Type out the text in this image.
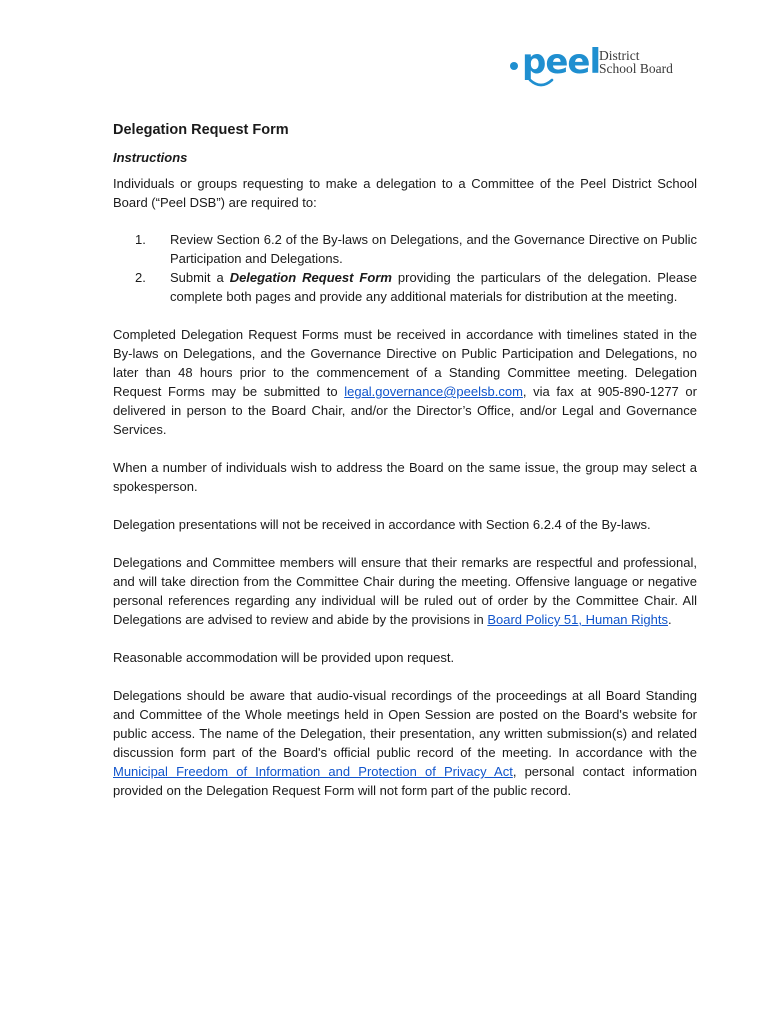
peel
District
School Board
Delegation Request Form
Instructions

Individuals or groups requesting to make a delegation to a Committee of the Peel District School Board (“Peel DSB”) are required to:

1. Review Section 6.2 of the By-laws on Delegations, and the Governance Directive on Public Participation and Delegations.
2. Submit a Delegation Request Form providing the particulars of the delegation. Please complete both pages and provide any additional materials for distribution at the meeting.

Completed Delegation Request Forms must be received in accordance with timelines stated in the By-laws on Delegations, and the Governance Directive on Public Participation and Delegations, no later than 48 hours prior to the commencement of a Standing Committee meeting. Delegation Request Forms may be submitted to legal.governance@peelsb.com, via fax at 905-890-1277 or delivered in person to the Board Chair, and/or the Director’s Office, and/or Legal and Governance Services.

When a number of individuals wish to address the Board on the same issue, the group may select a spokesperson.

Delegation presentations will not be received in accordance with Section 6.2.4 of the By-laws.

Delegations and Committee members will ensure that their remarks are respectful and professional, and will take direction from the Committee Chair during the meeting. Offensive language or negative personal references regarding any individual will be ruled out of order by the Committee Chair. All Delegations are advised to review and abide by the provisions in Board Policy 51, Human Rights.

Reasonable accommodation will be provided upon request.

Delegations should be aware that audio-visual recordings of the proceedings at all Board Standing and Committee of the Whole meetings held in Open Session are posted on the Board's website for public access. The name of the Delegation, their presentation, any written submission(s) and related discussion form part of the Board's official public record of the meeting. In accordance with the Municipal Freedom of Information and Protection of Privacy Act, personal contact information provided on the Delegation Request Form will not form part of the public record.
